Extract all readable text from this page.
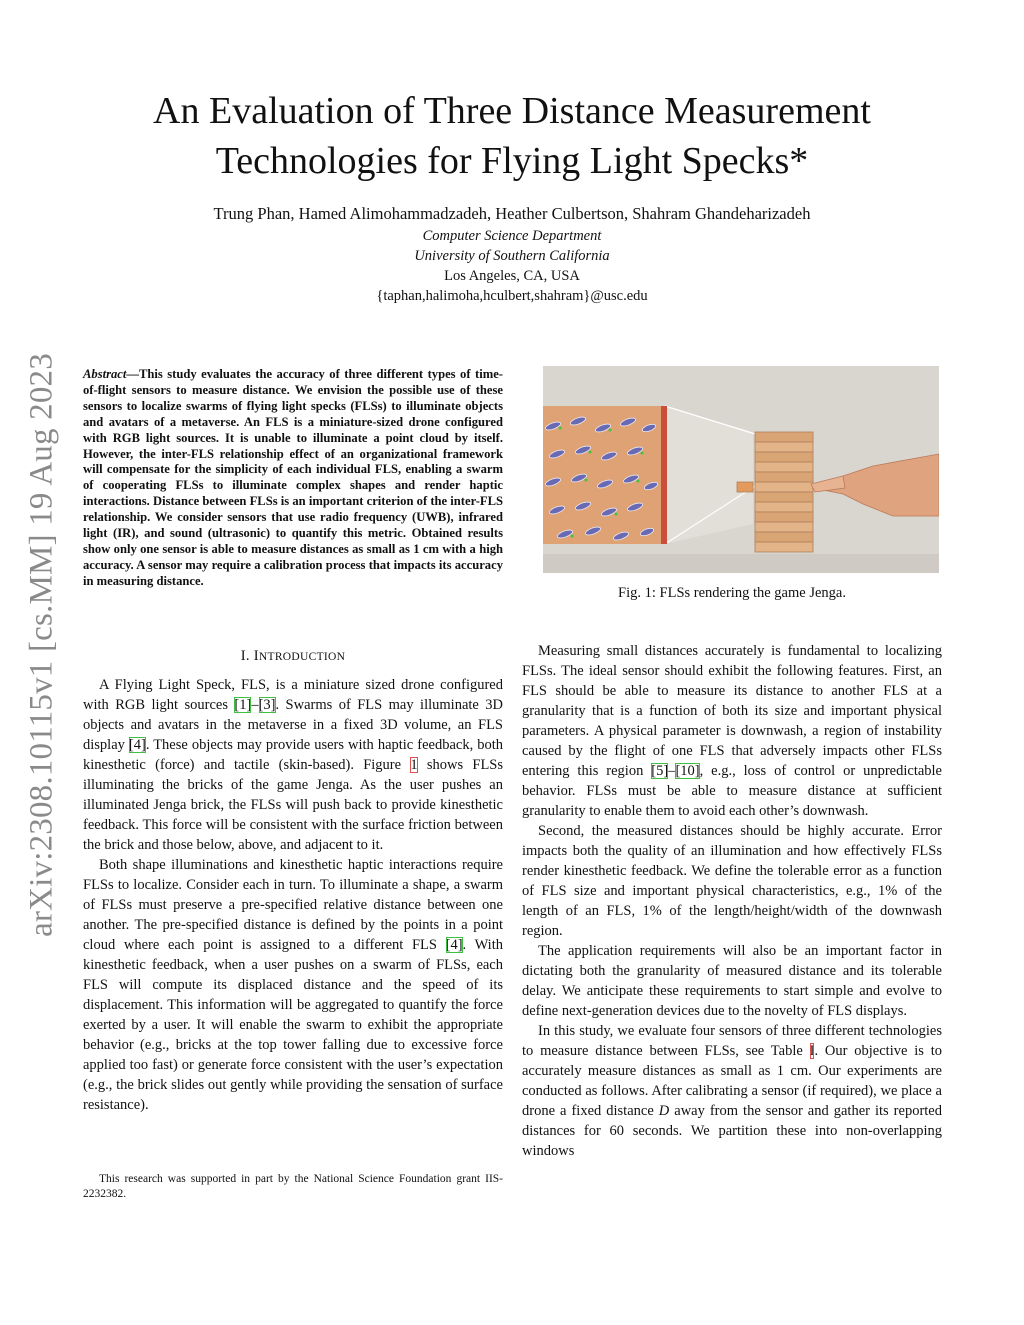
An Evaluation of Three Distance Measurement
Technologies for Flying Light Specks*
Trung Phan, Hamed Alimohammadzadeh, Heather Culbertson, Shahram Ghandeharizadeh
Computer Science Department
University of Southern California
Los Angeles, CA, USA
{taphan,halimoha,hculbert,shahram}@usc.edu
arXiv:2308.10115v1 [cs.MM] 19 Aug 2023 Abstract—This study evaluates the accuracy of three different types of time-of-flight sensors to measure distance. We envision the possible use of these sensors to localize swarms of flying light specks (FLSs) to illuminate objects and avatars of a metaverse. An FLS is a miniature-sized drone configured with RGB light sources. It is unable to illuminate a point cloud by itself. However, the inter-FLS relationship effect of an organizational framework will compensate for the simplicity of each individual FLS, enabling a swarm of cooperating FLSs to illuminate complex shapes and render haptic interactions. Distance between FLSs is an important criterion of the inter-FLS relationship. We consider sensors that use radio frequency (UWB), infrared light (IR), and sound (ultrasonic) to quantify this metric. Obtained results show only one sensor is able to measure distances as small as 1 cm with a high accuracy. A sensor may require a calibration process that impacts its accuracy in measuring distance.
I. INTRODUCTION

A Flying Light Speck, FLS, is a miniature sized drone configured with RGB light sources [1]–[3]. Swarms of FLS may illuminate 3D objects and avatars in the metaverse in a fixed 3D volume, an FLS display [4]. These objects may provide users with haptic feedback, both kinesthetic (force) and tactile (skin-based). Figure 1 shows FLSs illuminating the bricks of the game Jenga. As the user pushes an illuminated Jenga brick, the FLSs will push back to provide kinesthetic feedback. This force will be consistent with the surface friction between the brick and those below, above, and adjacent to it.

Both shape illuminations and kinesthetic haptic interactions require FLSs to localize. Consider each in turn. To illuminate a shape, a swarm of FLSs must preserve a pre-specified relative distance between one another. The pre-specified distance is defined by the points in a point cloud where each point is assigned to a different FLS [4]. With kinesthetic feedback, when a user pushes on a swarm of FLSs, each FLS will compute its displaced distance and the speed of its displacement. This information will be aggregated to quantify the force exerted by a user. It will enable the swarm to exhibit the appropriate behavior (e.g., bricks at the top tower falling due to excessive force applied too fast) or generate force consistent with the user’s expectation (e.g., the brick slides out gently while providing the sensation of surface resistance).

This research was supported in part by the National Science Foundation grant IIS-2232382.
Fig. 1: FLSs rendering the game Jenga.

Measuring small distances accurately is fundamental to localizing FLSs. The ideal sensor should exhibit the following features. First, an FLS should be able to measure its distance to another FLS at a granularity that is a function of both its size and important physical parameters. A physical parameter is downwash, a region of instability caused by the flight of one FLS that adversely impacts other FLSs entering this region [5]–[10], e.g., loss of control or unpredictable behavior. FLSs must be able to measure distance at sufficient granularity to enable them to avoid each other’s downwash.

Second, the measured distances should be highly accurate. Error impacts both the quality of an illumination and how effectively FLSs render kinesthetic feedback. We define the tolerable error as a function of FLS size and important physical characteristics, e.g., 1% of the length of an FLS, 1% of the length/height/width of the downwash region.

The application requirements will also be an important factor in dictating both the granularity of measured distance and its tolerable delay. We anticipate these requirements to start simple and evolve to define next-generation devices due to the novelty of FLS displays.

In this study, we evaluate four sensors of three different technologies to measure distance between FLSs, see Table I. Our objective is to accurately measure distances as small as 1 cm. Our experiments are conducted as follows. After calibrating a sensor (if required), we place a drone a fixed distance D away from the sensor and gather its reported distances for 60 seconds. We partition these into non-overlapping windows
